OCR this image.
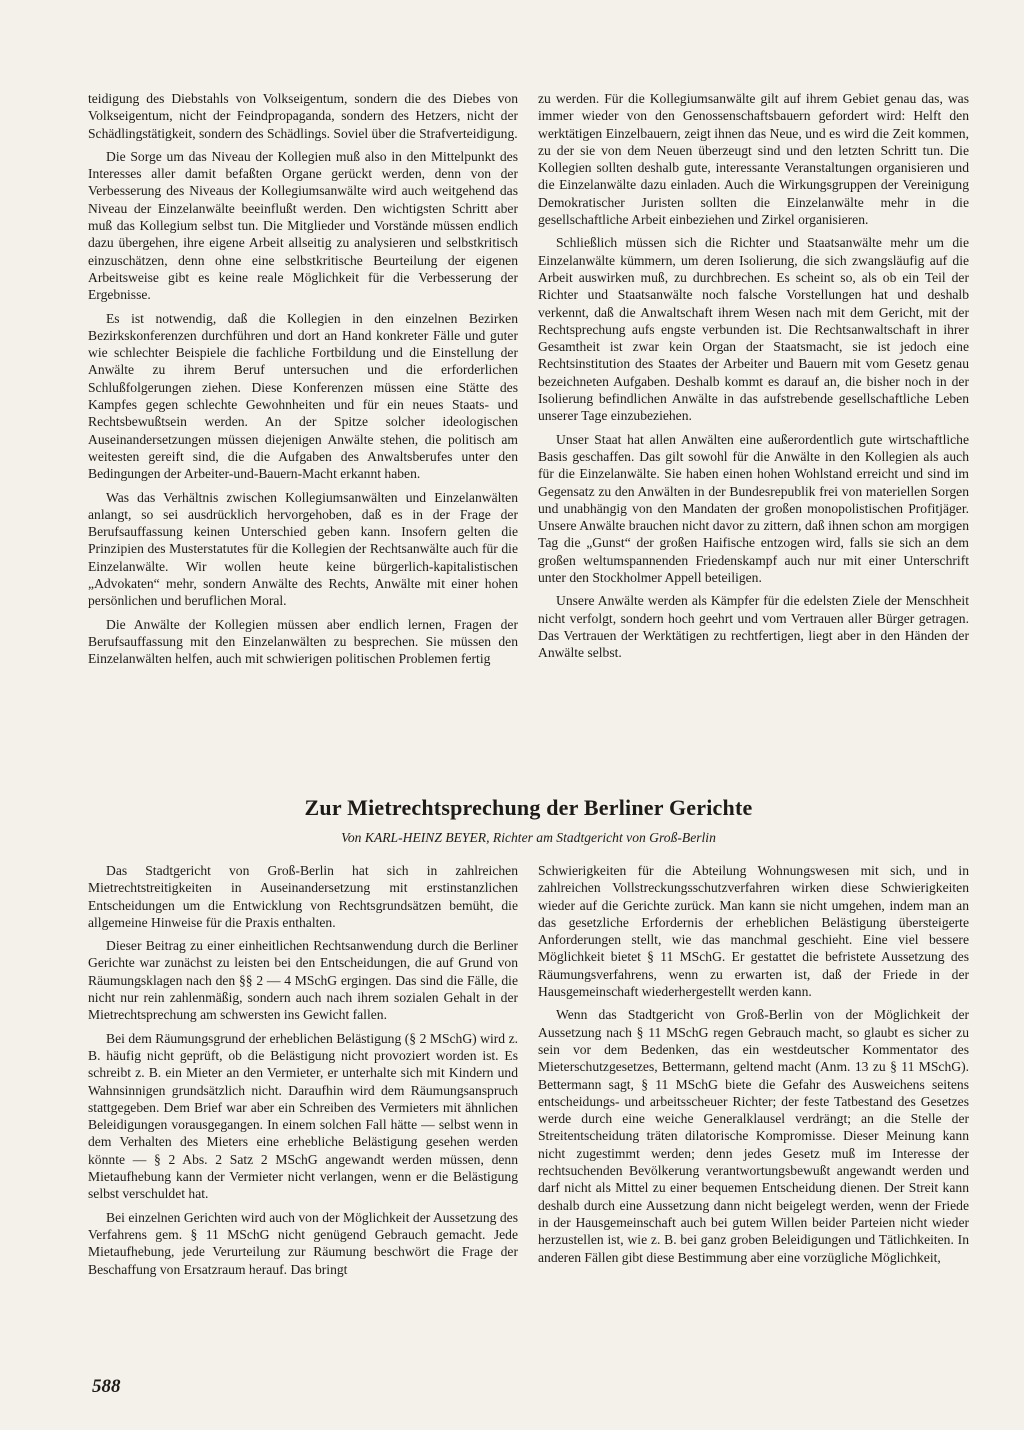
teidigung des Diebstahls von Volkseigentum, sondern die des Diebes von Volkseigentum, nicht der Feindpropaganda, sondern des Hetzers, nicht der Schädlingstätigkeit, sondern des Schädlings. Soviel über die Strafverteidigung.

Die Sorge um das Niveau der Kollegien muß also in den Mittelpunkt des Interesses aller damit befaßten Organe gerückt werden, denn von der Verbesserung des Niveaus der Kollegiumsanwälte wird auch weitgehend das Niveau der Einzelanwälte beeinflußt werden. Den wichtigsten Schritt aber muß das Kollegium selbst tun. Die Mitglieder und Vorstände müssen endlich dazu übergehen, ihre eigene Arbeit allseitig zu analysieren und selbstkritisch einzuschätzen, denn ohne eine selbstkritische Beurteilung der eigenen Arbeitsweise gibt es keine reale Möglichkeit für die Verbesserung der Ergebnisse.

Es ist notwendig, daß die Kollegien in den einzelnen Bezirken Bezirkskonferenzen durchführen und dort an Hand konkreter Fälle und guter wie schlechter Beispiele die fachliche Fortbildung und die Einstellung der Anwälte zu ihrem Beruf untersuchen und die erforderlichen Schlußfolgerungen ziehen. Diese Konferenzen müssen eine Stätte des Kampfes gegen schlechte Gewohnheiten und für ein neues Staats- und Rechtsbewußtsein werden. An der Spitze solcher ideologischen Auseinandersetzungen müssen diejenigen Anwälte stehen, die politisch am weitesten gereift sind, die die Aufgaben des Anwaltsberufes unter den Bedingungen der Arbeiter-und-Bauern-Macht erkannt haben.

Was das Verhältnis zwischen Kollegiumsanwälten und Einzelanwälten anlangt, so sei ausdrücklich hervorgehoben, daß es in der Frage der Berufsauffassung keinen Unterschied geben kann. Insofern gelten die Prinzipien des Musterstatutes für die Kollegien der Rechtsanwälte auch für die Einzelanwälte. Wir wollen heute keine bürgerlich-kapitalistischen „Advokaten“ mehr, sondern Anwälte des Rechts, Anwälte mit einer hohen persönlichen und beruflichen Moral.

Die Anwälte der Kollegien müssen aber endlich lernen, Fragen der Berufsauffassung mit den Einzelanwälten zu besprechen. Sie müssen den Einzelanwälten helfen, auch mit schwierigen politischen Problemen fertig

zu werden. Für die Kollegiumsanwälte gilt auf ihrem Gebiet genau das, was immer wieder von den Genossenschaftsbauern gefordert wird: Helft den werktätigen Einzelbauern, zeigt ihnen das Neue, und es wird die Zeit kommen, zu der sie von dem Neuen überzeugt sind und den letzten Schritt tun. Die Kollegien sollten deshalb gute, interessante Veranstaltungen organisieren und die Einzelanwälte dazu einladen. Auch die Wirkungsgruppen der Vereinigung Demokratischer Juristen sollten die Einzelanwälte mehr in die gesellschaftliche Arbeit einbeziehen und Zirkel organisieren.

Schließlich müssen sich die Richter und Staatsanwälte mehr um die Einzelanwälte kümmern, um deren Isolierung, die sich zwangsläufig auf die Arbeit auswirken muß, zu durchbrechen. Es scheint so, als ob ein Teil der Richter und Staatsanwälte noch falsche Vorstellungen hat und deshalb verkennt, daß die Anwaltschaft ihrem Wesen nach mit dem Gericht, mit der Rechtsprechung aufs engste verbunden ist. Die Rechtsanwaltschaft in ihrer Gesamtheit ist zwar kein Organ der Staatsmacht, sie ist jedoch eine Rechtsinstitution des Staates der Arbeiter und Bauern mit vom Gesetz genau bezeichneten Aufgaben. Deshalb kommt es darauf an, die bisher noch in der Isolierung befindlichen Anwälte in das aufstrebende gesellschaftliche Leben unserer Tage einzubeziehen.

Unser Staat hat allen Anwälten eine außerordentlich gute wirtschaftliche Basis geschaffen. Das gilt sowohl für die Anwälte in den Kollegien als auch für die Einzelanwälte. Sie haben einen hohen Wohlstand erreicht und sind im Gegensatz zu den Anwälten in der Bundesrepublik frei von materiellen Sorgen und unabhängig von den Mandaten der großen monopolistischen Profitjäger. Unsere Anwälte brauchen nicht davor zu zittern, daß ihnen schon am morgigen Tag die „Gunst“ der großen Haifische entzogen wird, falls sie sich an dem großen weltumspannenden Friedenskampf auch nur mit einer Unterschrift unter den Stockholmer Appell beteiligen.

Unsere Anwälte werden als Kämpfer für die edelsten Ziele der Menschheit nicht verfolgt, sondern hoch geehrt und vom Vertrauen aller Bürger getragen. Das Vertrauen der Werktätigen zu rechtfertigen, liegt aber in den Händen der Anwälte selbst.

Zur Mietrechtsprechung der Berliner Gerichte
Von KARL-HEINZ BEYER, Richter am Stadtgericht von Groß-Berlin

Das Stadtgericht von Groß-Berlin hat sich in zahlreichen Mietrechtstreitigkeiten in Auseinandersetzung mit erstinstanzlichen Entscheidungen um die Entwicklung von Rechtsgrundsätzen bemüht, die allgemeine Hinweise für die Praxis enthalten.

Dieser Beitrag zu einer einheitlichen Rechtsanwendung durch die Berliner Gerichte war zunächst zu leisten bei den Entscheidungen, die auf Grund von Räumungsklagen nach den §§ 2 — 4 MSchG ergingen. Das sind die Fälle, die nicht nur rein zahlenmäßig, sondern auch nach ihrem sozialen Gehalt in der Mietrechtsprechung am schwersten ins Gewicht fallen.

Bei dem Räumungsgrund der erheblichen Belästigung (§ 2 MSchG) wird z. B. häufig nicht geprüft, ob die Belästigung nicht provoziert worden ist. Es schreibt z. B. ein Mieter an den Vermieter, er unterhalte sich mit Kindern und Wahnsinnigen grundsätzlich nicht. Daraufhin wird dem Räumungsanspruch stattgegeben. Dem Brief war aber ein Schreiben des Vermieters mit ähnlichen Beleidigungen vorausgegangen. In einem solchen Fall hätte — selbst wenn in dem Verhalten des Mieters eine erhebliche Belästigung gesehen werden könnte — § 2 Abs. 2 Satz 2 MSchG angewandt werden müssen, denn Mietaufhebung kann der Vermieter nicht verlangen, wenn er die Belästigung selbst verschuldet hat.

Bei einzelnen Gerichten wird auch von der Möglichkeit der Aussetzung des Verfahrens gem. § 11 MSchG nicht genügend Gebrauch gemacht. Jede Mietaufhebung, jede Verurteilung zur Räumung beschwört die Frage der Beschaffung von Ersatzraum herauf. Das bringt

Schwierigkeiten für die Abteilung Wohnungswesen mit sich, und in zahlreichen Vollstreckungsschutzverfahren wirken diese Schwierigkeiten wieder auf die Gerichte zurück. Man kann sie nicht umgehen, indem man an das gesetzliche Erfordernis der erheblichen Belästigung übersteigerte Anforderungen stellt, wie das manchmal geschieht. Eine viel bessere Möglichkeit bietet § 11 MSchG. Er gestattet die befristete Aussetzung des Räumungsverfahrens, wenn zu erwarten ist, daß der Friede in der Hausgemeinschaft wiederhergestellt werden kann.

Wenn das Stadtgericht von Groß-Berlin von der Möglichkeit der Aussetzung nach § 11 MSchG regen Gebrauch macht, so glaubt es sicher zu sein vor dem Bedenken, das ein westdeutscher Kommentator des Mieterschutzgesetzes, Bettermann, geltend macht (Anm. 13 zu § 11 MSchG). Bettermann sagt, § 11 MSchG biete die Gefahr des Ausweichens seitens entscheidungs- und arbeitsscheuer Richter; der feste Tatbestand des Gesetzes werde durch eine weiche Generalklausel verdrängt; an die Stelle der Streitentscheidung träten dilatorische Kompromisse. Dieser Meinung kann nicht zugestimmt werden; denn jedes Gesetz muß im Interesse der rechtsuchenden Bevölkerung verantwortungsbewußt angewandt werden und darf nicht als Mittel zu einer bequemen Entscheidung dienen. Der Streit kann deshalb durch eine Aussetzung dann nicht beigelegt werden, wenn der Friede in der Hausgemeinschaft auch bei gutem Willen beider Parteien nicht wieder herzustellen ist, wie z. B. bei ganz groben Beleidigungen und Tätlichkeiten. In anderen Fällen gibt diese Bestimmung aber eine vorzügliche Möglichkeit,

588
